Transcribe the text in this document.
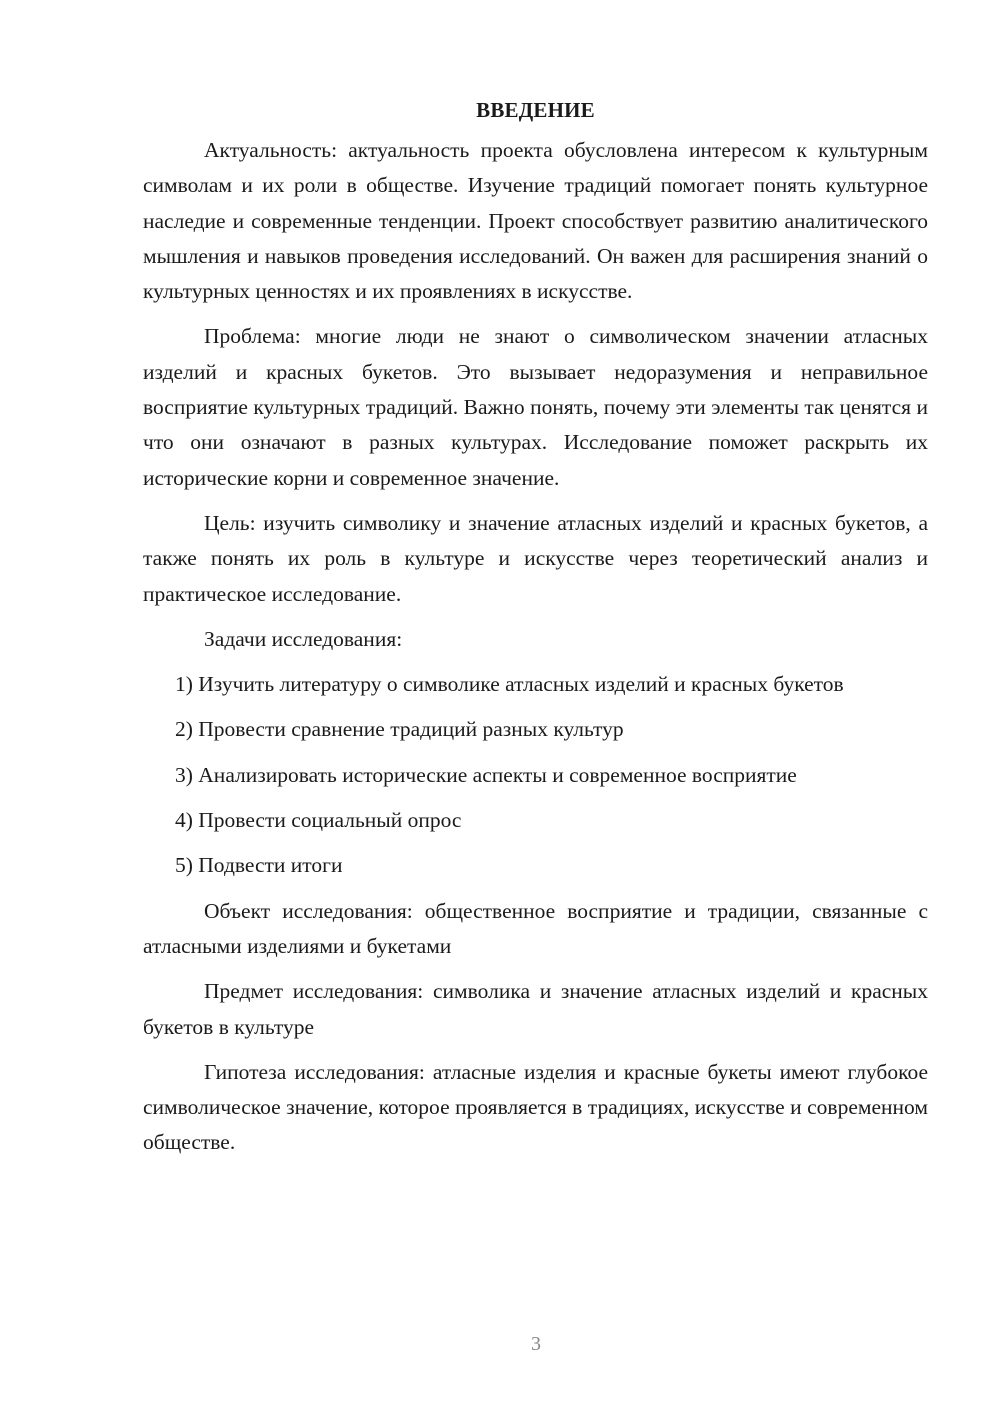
ВВЕДЕНИЕ

Актуальность: актуальность проекта обусловлена интересом к культурным символам и их роли в обществе. Изучение традиций помогает понять культурное наследие и современные тенденции. Проект способствует развитию аналитического мышления и навыков проведения исследований. Он важен для расширения знаний о культурных ценностях и их проявлениях в искусстве.

Проблема: многие люди не знают о символическом значении атласных изделий и красных букетов. Это вызывает недоразумения и неправильное восприятие культурных традиций. Важно понять, почему эти элементы так ценятся и что они означают в разных культурах. Исследование поможет раскрыть их исторические корни и современное значение.

Цель: изучить символику и значение атласных изделий и красных букетов, а также понять их роль в культуре и искусстве через теоретический анализ и практическое исследование.

Задачи исследования:

1) Изучить литературу о символике атласных изделий и красных букетов

2) Провести сравнение традиций разных культур

3) Анализировать исторические аспекты и современное восприятие

4) Провести социальный опрос

5) Подвести итоги

Объект исследования: общественное восприятие и традиции, связанные с атласными изделиями и букетами

Предмет исследования: символика и значение атласных изделий и красных букетов в культуре

Гипотеза исследования: атласные изделия и красные букеты имеют глубокое символическое значение, которое проявляется в традициях, искусстве и современном обществе.

3
